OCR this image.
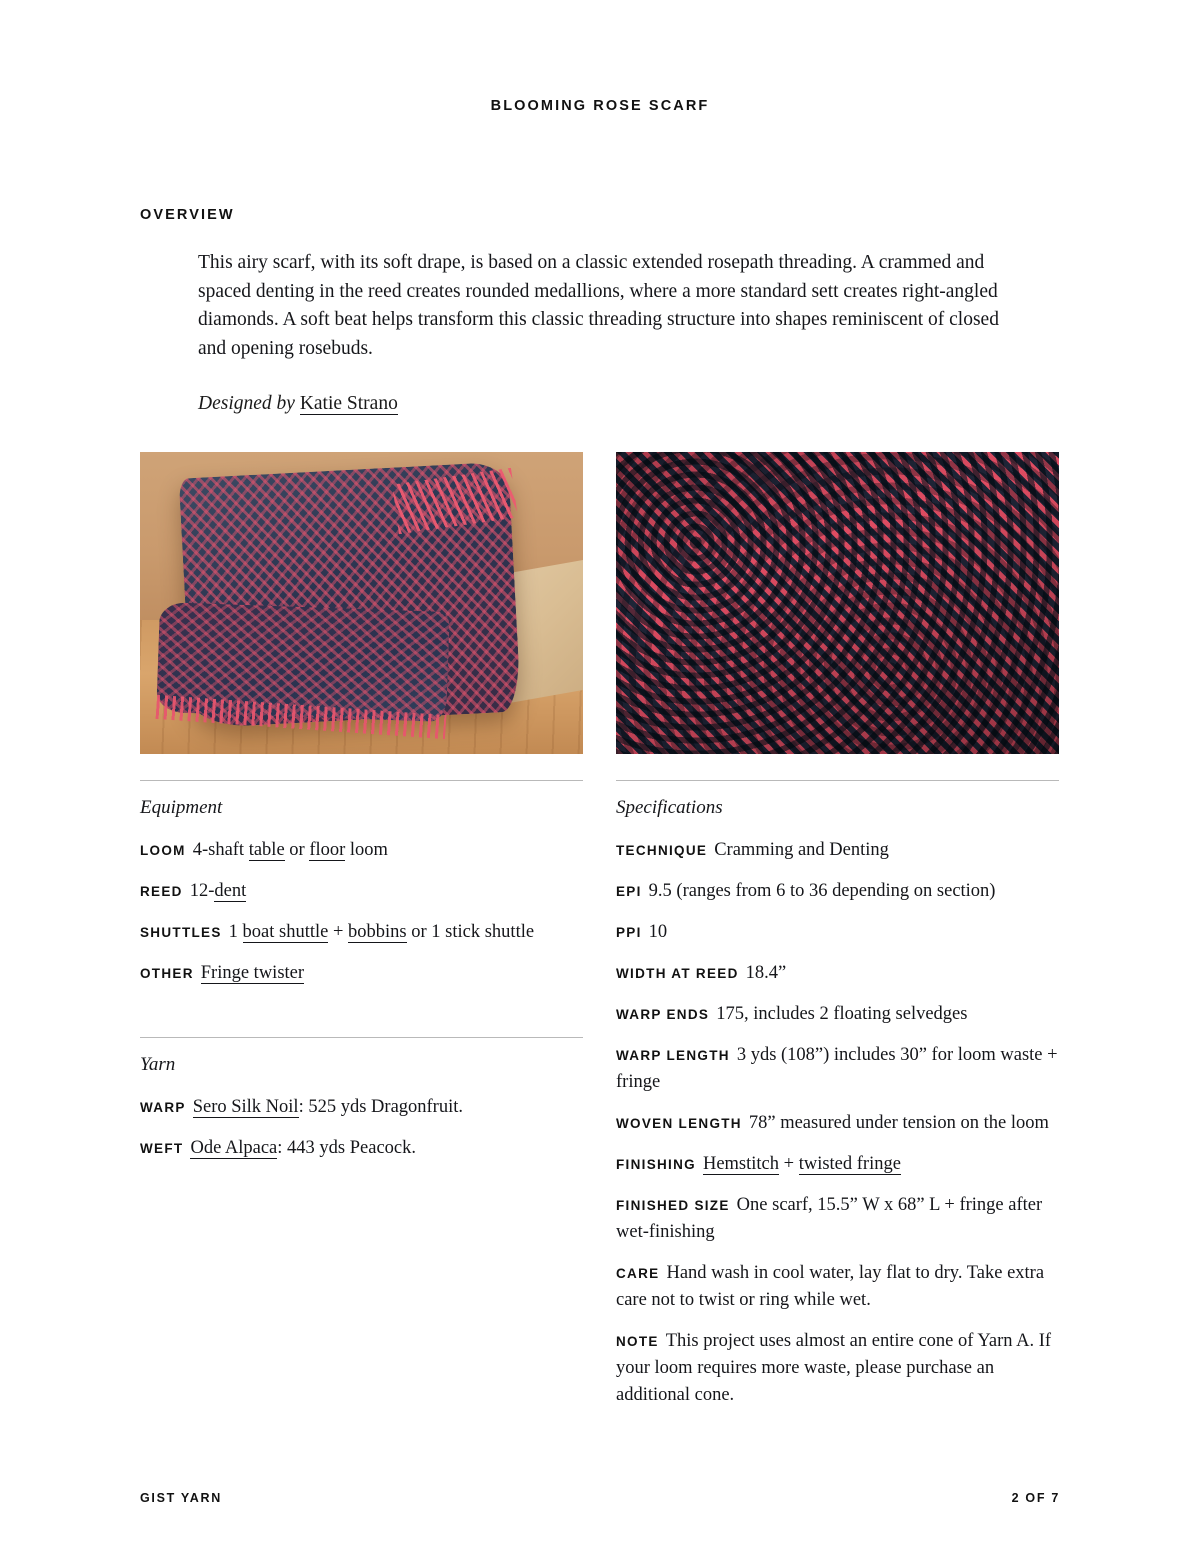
BLOOMING ROSE SCARF
OVERVIEW

This airy scarf, with its soft drape, is based on a classic extended rosepath threading. A crammed and spaced denting in the reed creates rounded medallions, where a more standard sett creates right-angled diamonds. A soft beat helps transform this classic threading structure into shapes reminiscent of closed and opening rosebuds.

Designed by Katie Strano
Equipment
LOOM 4-shaft table or floor loom
REED 12-dent
SHUTTLES 1 boat shuttle + bobbins or 1 stick shuttle
OTHER Fringe twister
Yarn
WARP Sero Silk Noil: 525 yds Dragonfruit.
WEFT Ode Alpaca: 443 yds Peacock.
Specifications
TECHNIQUE Cramming and Denting
EPI 9.5 (ranges from 6 to 36 depending on section)
PPI 10
WIDTH AT REED 18.4”
WARP ENDS 175, includes 2 floating selvedges
WARP LENGTH 3 yds (108”) includes 30” for loom waste + fringe
WOVEN LENGTH 78” measured under tension on the loom
FINISHING Hemstitch + twisted fringe
FINISHED SIZE One scarf, 15.5” W x 68” L + fringe after wet-finishing
CARE Hand wash in cool water, lay flat to dry. Take extra care not to twist or ring while wet.
NOTE This project uses almost an entire cone of Yarn A. If your loom requires more waste, please purchase an additional cone.
GIST YARN	2 OF 7
